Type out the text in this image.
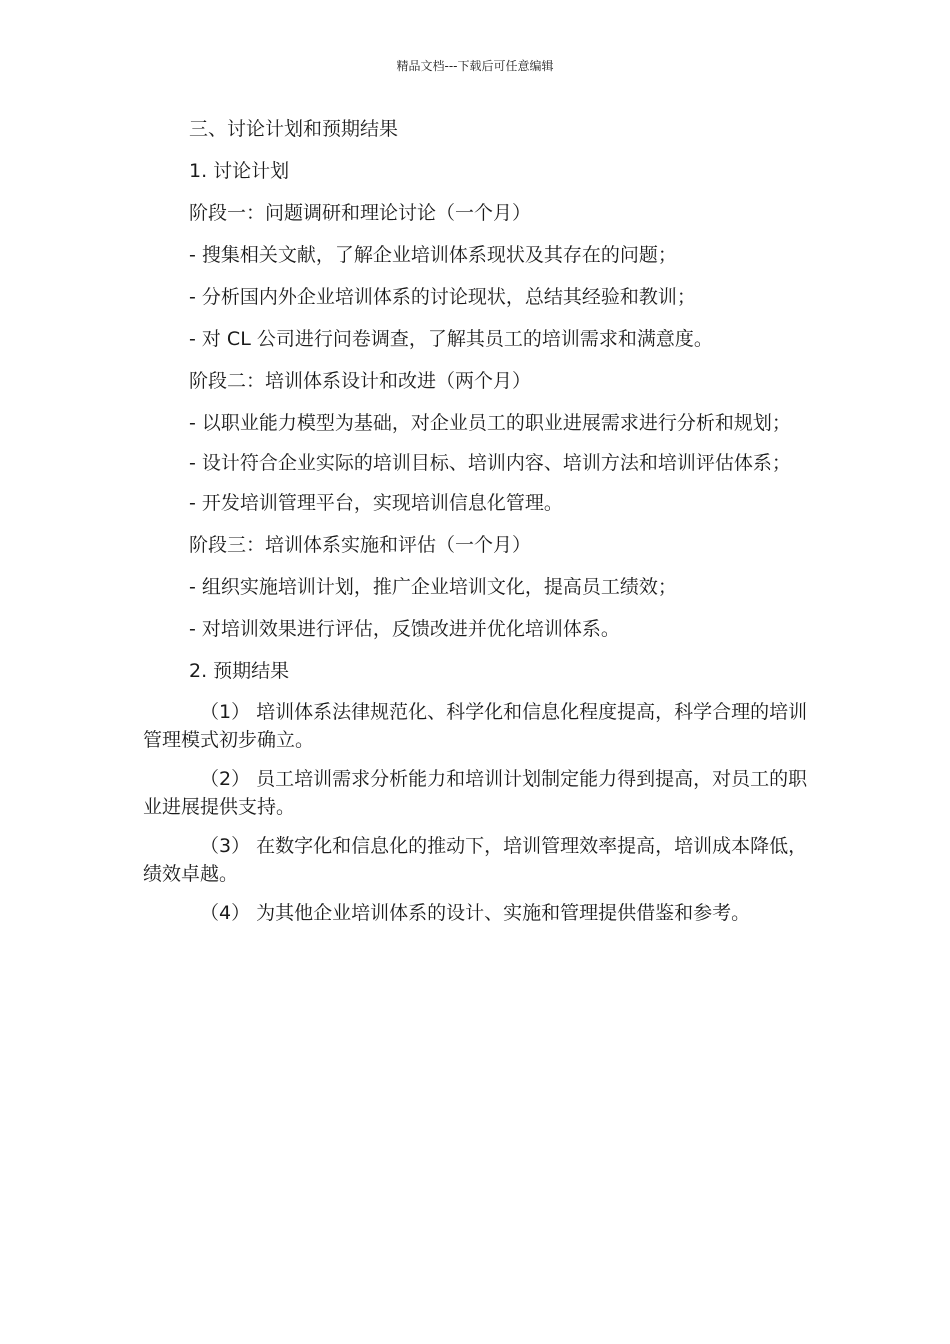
精品文档---下载后可任意编辑

三、讨论计划和预期结果

1. 讨论计划

阶段一：问题调研和理论讨论（一个月）

- 搜集相关文献，了解企业培训体系现状及其存在的问题；

- 分析国内外企业培训体系的讨论现状，总结其经验和教训；

- 对 CL 公司进行问卷调查，了解其员工的培训需求和满意度。

阶段二：培训体系设计和改进（两个月）

- 以职业能力模型为基础，对企业员工的职业进展需求进行分析和规划；

- 设计符合企业实际的培训目标、培训内容、培训方法和培训评估体系；

- 开发培训管理平台，实现培训信息化管理。

阶段三：培训体系实施和评估（一个月）

- 组织实施培训计划，推广企业培训文化，提高员工绩效；

- 对培训效果进行评估，反馈改进并优化培训体系。

2. 预期结果

（1） 培训体系法律规范化、科学化和信息化程度提高，科学合理的培训管理模式初步确立。

（2） 员工培训需求分析能力和培训计划制定能力得到提高，对员工的职业进展提供支持。

（3） 在数字化和信息化的推动下，培训管理效率提高，培训成本降低，绩效卓越。

（4） 为其他企业培训体系的设计、实施和管理提供借鉴和参考。
